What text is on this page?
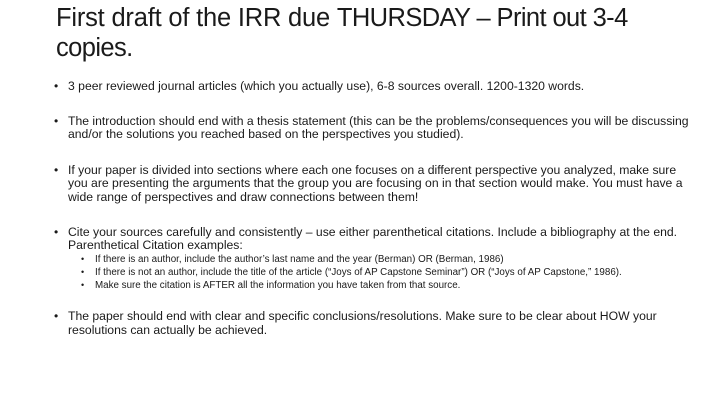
First draft of the IRR due THURSDAY – Print out 3-4 copies.
• 3 peer reviewed journal articles (which you actually use), 6-8 sources overall. 1200-1320 words.
• The introduction should end with a thesis statement (this can be the problems/consequences you will be discussing and/or the solutions you reached based on the perspectives you studied).
• If your paper is divided into sections where each one focuses on a different perspective you analyzed, make sure you are presenting the arguments that the group you are focusing on in that section would make. You must have a wide range of perspectives and draw connections between them!
• Cite your sources carefully and consistently – use either parenthetical citations. Include a bibliography at the end. Parenthetical Citation examples:
• If there is an author, include the author’s last name and the year (Berman) OR (Berman, 1986)
• If there is not an author, include the title of the article (“Joys of AP Capstone Seminar”) OR (“Joys of AP Capstone,” 1986).
• Make sure the citation is AFTER all the information you have taken from that source.
• The paper should end with clear and specific conclusions/resolutions. Make sure to be clear about HOW your resolutions can actually be achieved.
